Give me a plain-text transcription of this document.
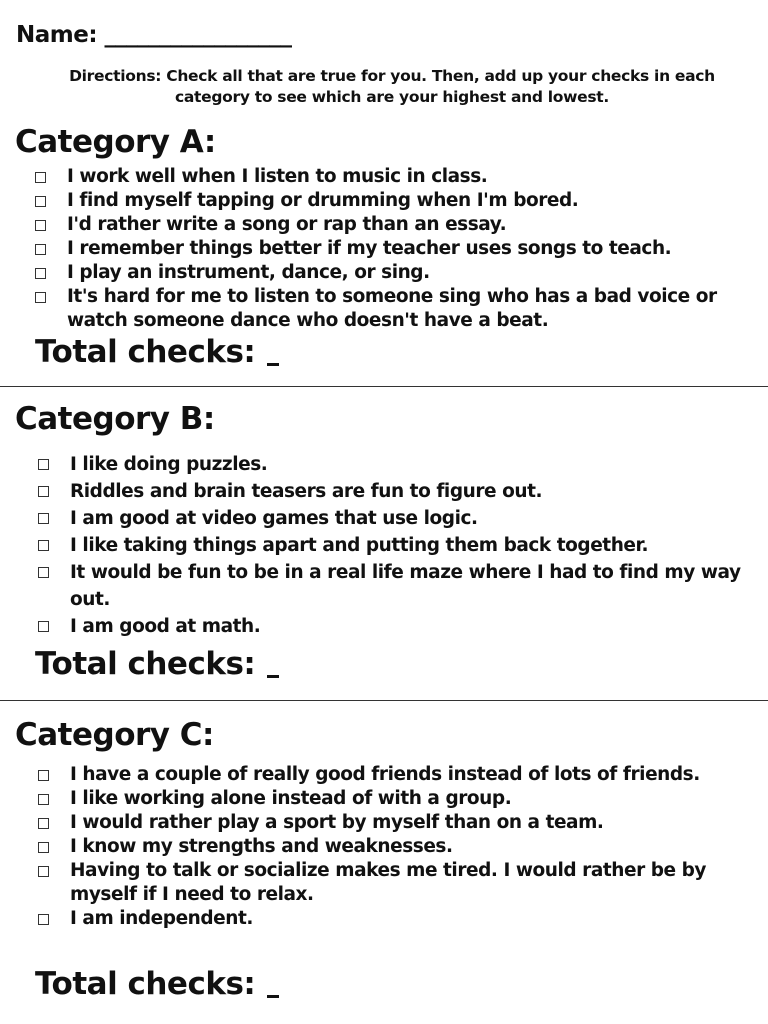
Name: _________________
Directions: Check all that are true for you. Then, add up your checks in each category to see which are your highest and lowest.
Category A:
I work well when I listen to music in class.
I find myself tapping or drumming when I'm bored.
I'd rather write a song or rap than an essay.
I remember things better if my teacher uses songs to teach.
I play an instrument, dance, or sing.
It's hard for me to listen to someone sing who has a bad voice or watch someone dance who doesn't have a beat.
Total checks:
Category B:
I like doing puzzles.
Riddles and brain teasers are fun to figure out.
I am good at video games that use logic.
I like taking things apart and putting them back together.
It would be fun to be in a real life maze where I had to find my way out.
I am good at math.
Total checks:
Category C:
I have a couple of really good friends instead of lots of friends.
I like working alone instead of with a group.
I would rather play a sport by myself than on a team.
I know my strengths and weaknesses.
Having to talk or socialize makes me tired. I would rather be by myself if I need to relax.
I am independent.
Total checks:
